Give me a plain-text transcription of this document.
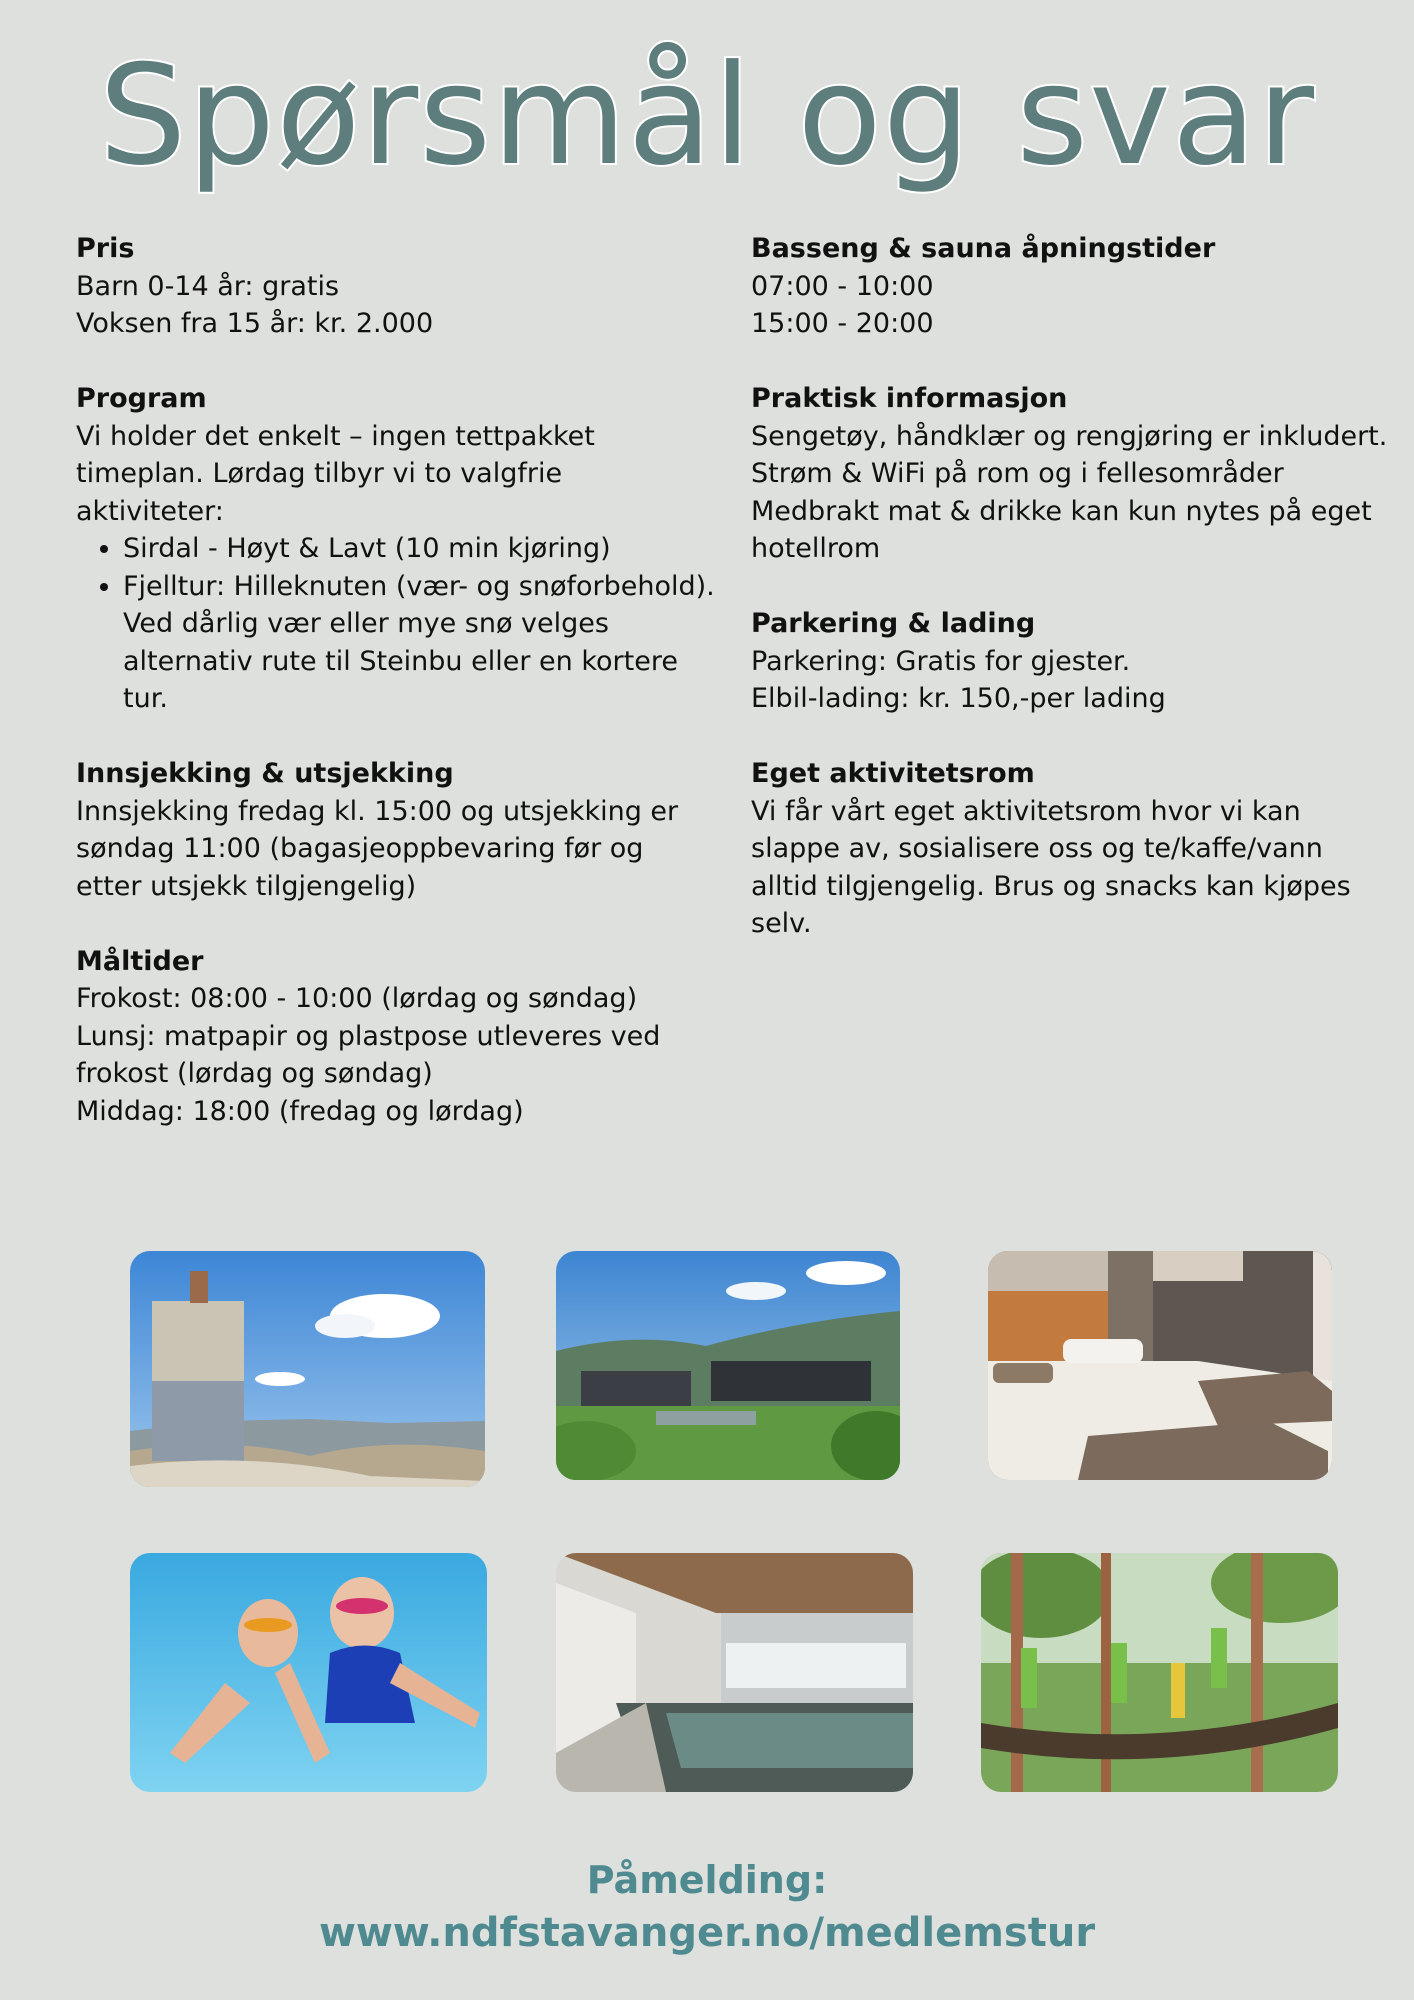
Spørsmål og svar
Pris

Barn 0-14 år: gratis

Voksen fra 15 år: kr. 2.000

Program

Vi holder det enkelt – ingen tettpakket timeplan. Lørdag tilbyr vi to valgfrie aktiviteter:

• Sirdal - Høyt & Lavt (10 min kjøring)
• Fjelltur: Hilleknuten (vær- og snøforbehold). Ved dårlig vær eller mye snø velges alternativ rute til Steinbu eller en kortere tur.
Innsjekking & utsjekking

Innsjekking fredag kl. 15:00 og utsjekking er søndag 11:00 (bagasjeoppbevaring før og etter utsjekk tilgjengelig)

Måltider

Frokost: 08:00 - 10:00 (lørdag og søndag)

Lunsj: matpapir og plastpose utleveres ved frokost (lørdag og søndag)

Middag: 18:00 (fredag og lørdag)

Basseng & sauna åpningstider

07:00 - 10:00

15:00 - 20:00

Praktisk informasjon

Sengetøy, håndklær og rengjøring er inkludert.

Strøm & WiFi på rom og i fellesområder

Medbrakt mat & drikke kan kun nytes på eget hotellrom

Parkering & lading

Parkering: Gratis for gjester.

Elbil-lading: kr. 150,-per lading

Eget aktivitetsrom

Vi får vårt eget aktivitetsrom hvor vi kan slappe av, sosialisere oss og te/kaffe/vann alltid tilgjengelig. Brus og snacks kan kjøpes selv.

Påmelding:
www.ndfstavanger.no/medlemstur
